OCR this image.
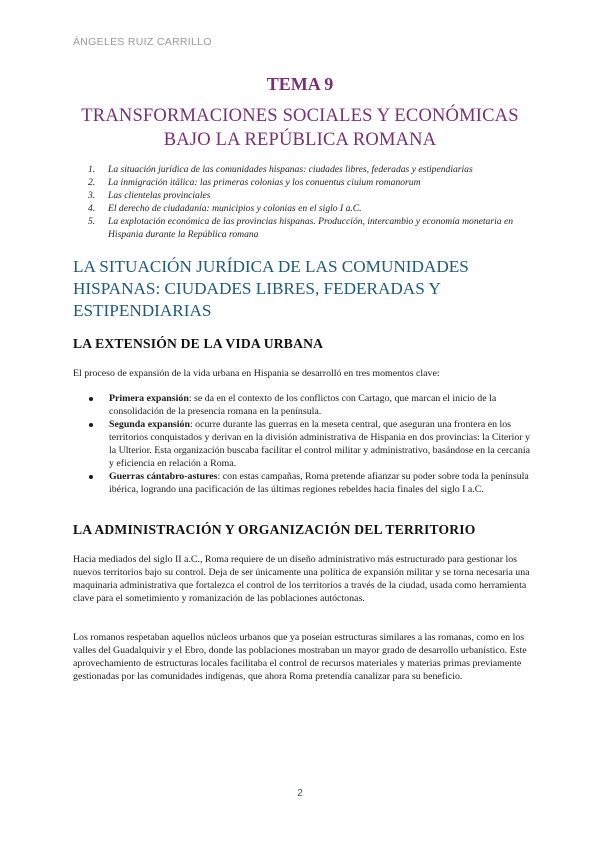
ÁNGELES RUIZ CARRILLO
TEMA 9
TRANSFORMACIONES SOCIALES Y ECONÓMICAS BAJO LA REPÚBLICA ROMANA
1.	La situación jurídica de las comunidades hispanas: ciudades libres, federadas y estipendiarias
2.	La inmigración itálica: las primeras colonias y los conuentus ciuium romanorum
3.	Las clientelas provinciales
4.	El derecho de ciudadanía: municipios y colonias en el siglo I a.C.
5.	La explotación económica de las provincias hispanas. Producción, intercambio y economía monetaria en Hispania durante la República romana
LA SITUACIÓN JURÍDICA DE LAS COMUNIDADES HISPANAS: CIUDADES LIBRES, FEDERADAS Y ESTIPENDIARIAS
LA EXTENSIÓN DE LA VIDA URBANA

El proceso de expansión de la vida urbana en Hispania se desarrolló en tres momentos clave:

Primera expansión: se da en el contexto de los conflictos con Cartago, que marcan el inicio de la consolidación de la presencia romana en la península.
Segunda expansión: ocurre durante las guerras en la meseta central, que aseguran una frontera en los territorios conquistados y derivan en la división administrativa de Hispania en dos provincias: la Citerior y la Ulterior. Esta organización buscaba facilitar el control militar y administrativo, basándose en la cercanía y eficiencia en relación a Roma.
Guerras cántabro-astures: con estas campañas, Roma pretende afianzar su poder sobre toda la península ibérica, logrando una pacificación de las últimas regiones rebeldes hacia finales del siglo I a.C.
LA ADMINISTRACIÓN Y ORGANIZACIÓN DEL TERRITORIO

Hacia mediados del siglo II a.C., Roma requiere de un diseño administrativo más estructurado para gestionar los nuevos territorios bajo su control. Deja de ser únicamente una política de expansión militar y se torna necesaria una maquinaria administrativa que fortalezca el control de los territorios a través de la ciudad, usada como herramienta clave para el sometimiento y romanización de las poblaciones autóctonas.

Los romanos respetaban aquellos núcleos urbanos que ya poseían estructuras similares a las romanas, como en los valles del Guadalquivir y el Ebro, donde las poblaciones mostraban un mayor grado de desarrollo urbanístico. Este aprovechamiento de estructuras locales facilitaba el control de recursos materiales y materias primas previamente gestionadas por las comunidades indígenas, que ahora Roma pretendía canalizar para su beneficio.

2
